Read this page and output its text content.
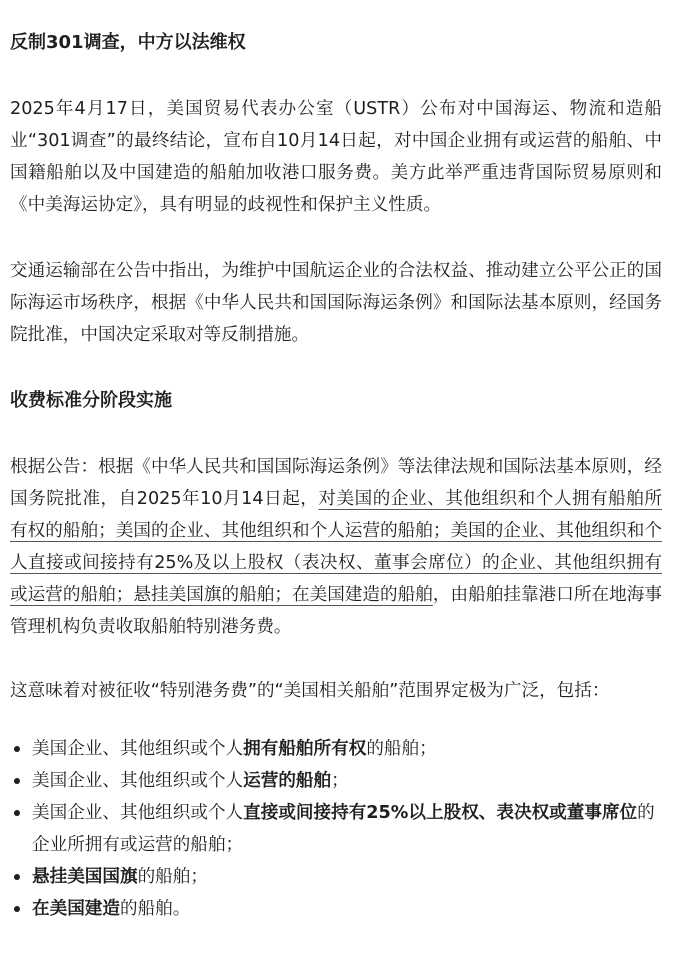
反制301调查，中方以法维权

2025年4月17日，美国贸易代表办公室（USTR）公布对中国海运、物流和造船业“301调查”的最终结论，宣布自10月14日起，对中国企业拥有或运营的船舶、中国籍船舶以及中国建造的船舶加收港口服务费。美方此举严重违背国际贸易原则和《中美海运协定》，具有明显的歧视性和保护主义性质。

交通运输部在公告中指出，为维护中国航运企业的合法权益、推动建立公平公正的国际海运市场秩序，根据《中华人民共和国国际海运条例》和国际法基本原则，经国务院批准，中国决定采取对等反制措施。

收费标准分阶段实施

根据公告：根据《中华人民共和国国际海运条例》等法律法规和国际法基本原则，经国务院批准，自2025年10月14日起，对美国的企业、其他组织和个人拥有船舶所有权的船舶；美国的企业、其他组织和个人运营的船舶；美国的企业、其他组织和个人直接或间接持有25%及以上股权（表决权、董事会席位）的企业、其他组织拥有或运营的船舶；悬挂美国旗的船舶；在美国建造的船舶，由船舶挂靠港口所在地海事管理机构负责收取船舶特别港务费。

这意味着对被征收“特别港务费”的“美国相关船舶”范围界定极为广泛，包括：

美国企业、其他组织或个人拥有船舶所有权的船舶；
美国企业、其他组织或个人运营的船舶；
美国企业、其他组织或个人直接或间接持有25%以上股权、表决权或董事席位的企业所拥有或运营的船舶；
悬挂美国国旗的船舶；
在美国建造的船舶。
